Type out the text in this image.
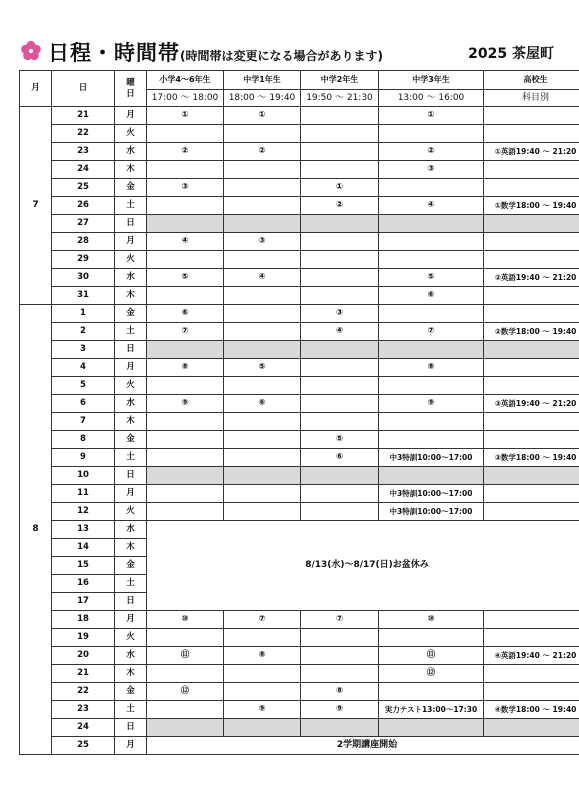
日程・時間帯(時間帯は変更になる場合があります)	2025 茶屋町
月	日	曜日	小学4～6年生	中学1年生	中学2年生	中学3年生	高校生
			17:00 ～ 18:00	18:00 ～ 19:40	19:50 ～ 21:30	13:00 ～ 16:00	科目別
7	21	月	①	①		①	
	22	火					
	23	水	②	②		②	①英語19:40 ～ 21:20
	24	木				③	
	25	金	③		①		
	26	土			②	④	①数学18:00 ～ 19:40
	27	日					
	28	月	④	③			
	29	火					
	30	水	⑤	④		⑤	②英語19:40 ～ 21:20
	31	木				⑥	
8	1	金	⑥		③		
	2	土	⑦		④	⑦	②数学18:00 ～ 19:40
	3	日					
	4	月	⑧	⑤		⑧	
	5	火					
	6	水	⑨	⑥		⑨	③英語19:40 ～ 21:20
	7	木					
	8	金			⑤		
	9	土			⑥	中3特訓10:00～17:00	③数学18:00 ～ 19:40
	10	日					
	11	月				中3特訓10:00～17:00	
	12	火				中3特訓10:00～17:00	
	13	水	8/13(水)～8/17(日)お盆休み				
	14	木					
	15	金					
	16	土					
	17	日					
	18	月	⑩	⑦	⑦	⑩	
	19	火					
	20	水	⑪	⑧		⑪	④英語19:40 ～ 21:20
	21	木				⑫	
	22	金	⑫		⑧		
	23	土		⑨	⑨	実力テスト13:00～17:30	④数学18:00 ～ 19:40
	24	日					
	25	月	2学期講座開始				
